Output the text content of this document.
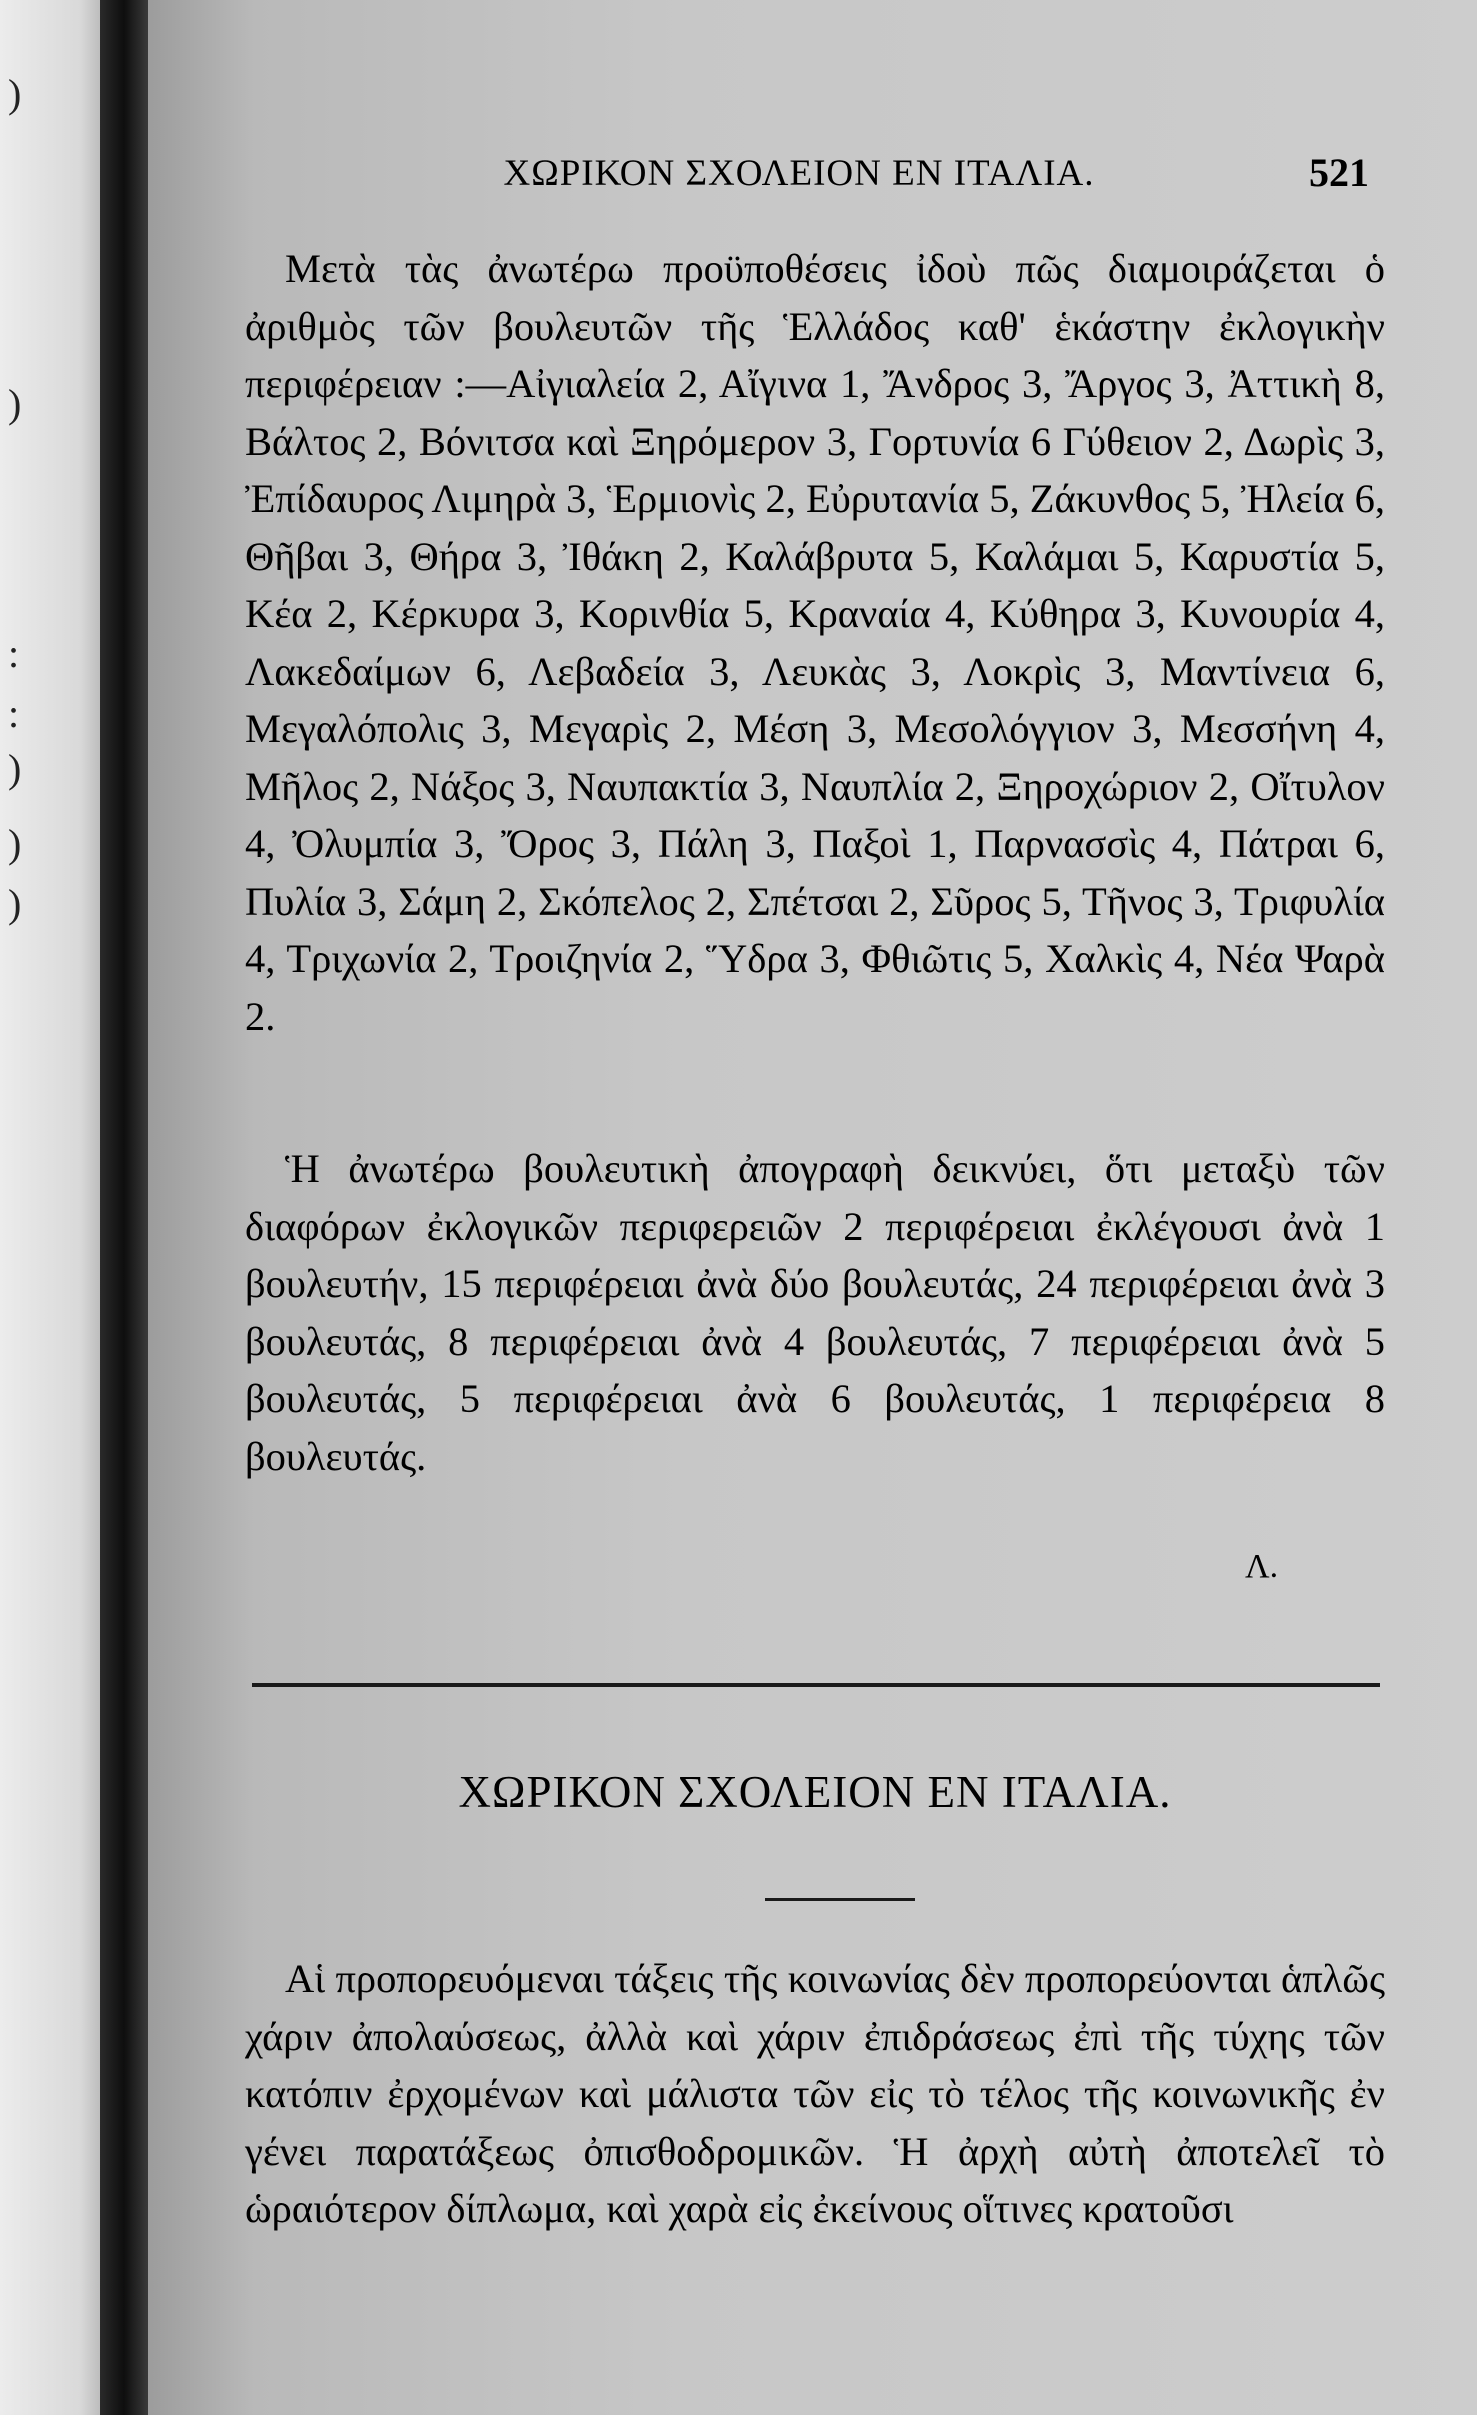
)
)
:
:
)
)
)
ΧΩΡΙΚΟΝ ΣΧΟΛΕΙΟΝ ΕΝ ΙΤΑΛΙΑ.	521

Μετὰ τὰς ἀνωτέρω προϋποθέσεις ἰδοὺ πῶς διαμοιράζεται ὁ ἀριθμὸς τῶν βουλευτῶν τῆς Ἑλλάδος καθ' ἑκάστην ἐκλογικὴν περιφέρειαν :—Αἰγιαλεία 2, Αἴγινα 1, Ἄνδρος 3, Ἄργος 3, Ἀττικὴ 8, Βάλτος 2, Βόνιτσα καὶ Ξηρόμερον 3, Γορτυνία 6 Γύθειον 2, Δωρὶς 3, Ἐπίδαυρος Λιμηρὰ 3, Ἑρμιονὶς 2, Εὐρυτανία 5, Ζάκυνθος 5, Ἠλεία 6, Θῆβαι 3, Θήρα 3, Ἰθάκη 2, Καλάβρυτα 5, Καλάμαι 5, Καρυστία 5, Κέα 2, Κέρκυρα 3, Κορινθία 5, Κραναία 4, Κύθηρα 3, Κυνουρία 4, Λακεδαίμων 6, Λεβαδεία 3, Λευκὰς 3, Λοκρὶς 3, Μαντίνεια 6, Μεγαλόπολις 3, Μεγαρὶς 2, Μέση 3, Μεσολόγγιον 3, Μεσσήνη 4, Μῆλος 2, Νάξος 3, Ναυπακτία 3, Ναυπλία 2, Ξηροχώριον 2, Οἴτυλον 4, Ὀλυμπία 3, Ὄρος 3, Πάλη 3, Παξοὶ 1, Παρνασσὶς 4, Πάτραι 6, Πυλία 3, Σάμη 2, Σκόπελος 2, Σπέτσαι 2, Σῦρος 5, Τῆνος 3, Τριφυλία 4, Τριχωνία 2, Τροιζηνία 2, Ὕδρα 3, Φθιῶτις 5, Χαλκὶς 4, Νέα Ψαρὰ 2.

Ἡ ἀνωτέρω βουλευτικὴ ἀπογραφὴ δεικνύει, ὅτι μεταξὺ τῶν διαφόρων ἐκλογικῶν περιφερειῶν 2 περιφέρειαι ἐκλέγουσι ἀνὰ 1 βουλευτήν, 15 περιφέρειαι ἀνὰ δύο βουλευτάς, 24 περιφέρειαι ἀνὰ 3 βουλευτάς, 8 περιφέρειαι ἀνὰ 4 βουλευτάς, 7 περιφέρειαι ἀνὰ 5 βουλευτάς, 5 περιφέρειαι ἀνὰ 6 βουλευτάς, 1 περιφέρεια 8 βουλευτάς.

Λ.
ΧΩΡΙΚΟΝ ΣΧΟΛΕΙΟΝ ΕΝ ΙΤΑΛΙΑ.

Αἱ προπορευόμεναι τάξεις τῆς κοινωνίας δὲν προπορεύονται ἁπλῶς χάριν ἀπολαύσεως, ἀλλὰ καὶ χάριν ἐπιδράσεως ἐπὶ τῆς τύχης τῶν κατόπιν ἐρχομένων καὶ μάλιστα τῶν εἰς τὸ τέλος τῆς κοινωνικῆς ἐν γένει παρατάξεως ὀπισθοδρομικῶν. Ἡ ἀρχὴ αὐτὴ ἀποτελεῖ τὸ ὡραιότερον δίπλωμα, καὶ χαρὰ εἰς ἐκείνους οἵτινες κρατοῦσι
